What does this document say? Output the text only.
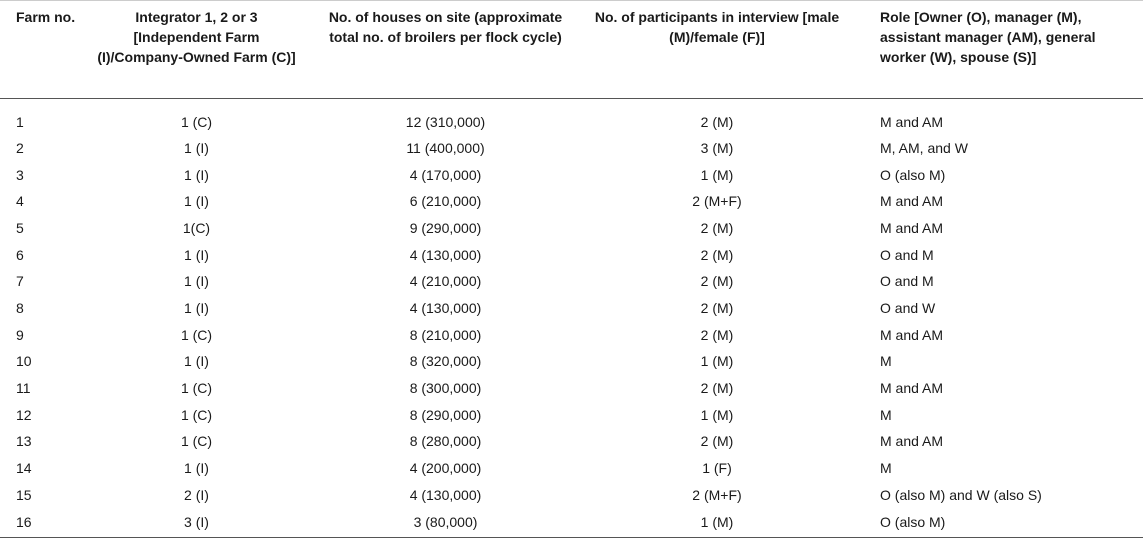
Farm no.	Integrator 1, 2 or 3 [Independent Farm (I)/Company-Owned Farm (C)]	No. of houses on site (approximate total no. of broilers per flock cycle)	No. of participants in interview [male (M)/female (F)]	Role [Owner (O), manager (M), assistant manager (AM), general worker (W), spouse (S)]
1	1 (C)	12 (310,000)	2 (M)	M and AM
2	1 (I)	11 (400,000)	3 (M)	M, AM, and W
3	1 (I)	4 (170,000)	1 (M)	O (also M)
4	1 (I)	6 (210,000)	2 (M+F)	M and AM
5	1(C)	9 (290,000)	2 (M)	M and AM
6	1 (I)	4 (130,000)	2 (M)	O and M
7	1 (I)	4 (210,000)	2 (M)	O and M
8	1 (I)	4 (130,000)	2 (M)	O and W
9	1 (C)	8 (210,000)	2 (M)	M and AM
10	1 (I)	8 (320,000)	1 (M)	M
11	1 (C)	8 (300,000)	2 (M)	M and AM
12	1 (C)	8 (290,000)	1 (M)	M
13	1 (C)	8 (280,000)	2 (M)	M and AM
14	1 (I)	4 (200,000)	1 (F)	M
15	2 (I)	4 (130,000)	2 (M+F)	O (also M) and W (also S)
16	3 (I)	3 (80,000)	1 (M)	O (also M)
